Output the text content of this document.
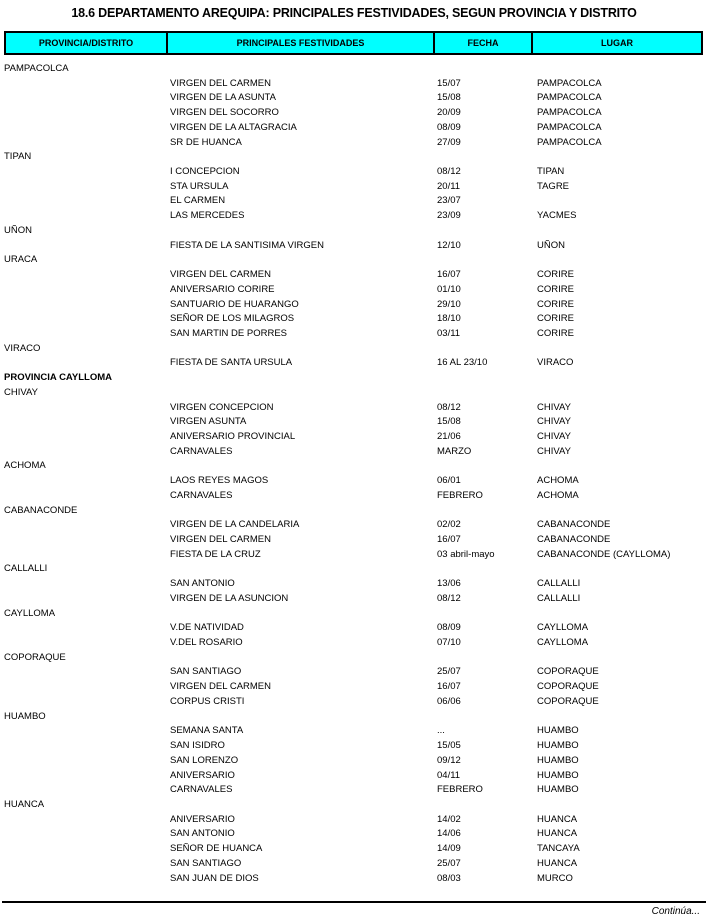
18.6 DEPARTAMENTO AREQUIPA: PRINCIPALES FESTIVIDADES, SEGUN PROVINCIA Y DISTRITO
PROVINCIA/DISTRITO	PRINCIPALES FESTIVIDADES	FECHA	LUGAR
PAMPACOLCA
VIRGEN DEL CARMEN	15/07	PAMPACOLCA
VIRGEN DE LA ASUNTA	15/08	PAMPACOLCA
VIRGEN DEL SOCORRO	20/09	PAMPACOLCA
VIRGEN DE LA ALTAGRACIA	08/09	PAMPACOLCA
SR DE HUANCA	27/09	PAMPACOLCA
TIPAN
I CONCEPCION	08/12	TIPAN
STA URSULA	20/11	TAGRE
EL CARMEN	23/07
LAS MERCEDES	23/09	YACMES
UÑON
FIESTA DE LA SANTISIMA VIRGEN	12/10	UÑON
URACA
VIRGEN DEL CARMEN	16/07	CORIRE
ANIVERSARIO CORIRE	01/10	CORIRE
SANTUARIO DE HUARANGO	29/10	CORIRE
SEÑOR DE LOS MILAGROS	18/10	CORIRE
SAN MARTIN DE PORRES	03/11	CORIRE
VIRACO
FIESTA DE SANTA URSULA	16 AL 23/10	VIRACO
PROVINCIA CAYLLOMA
CHIVAY
VIRGEN CONCEPCION	08/12	CHIVAY
VIRGEN ASUNTA	15/08	CHIVAY
ANIVERSARIO PROVINCIAL	21/06	CHIVAY
CARNAVALES	MARZO	CHIVAY
ACHOMA
LAOS REYES MAGOS	06/01	ACHOMA
CARNAVALES	FEBRERO	ACHOMA
CABANACONDE
VIRGEN DE LA CANDELARIA	02/02	CABANACONDE
VIRGEN DEL CARMEN	16/07	CABANACONDE
FIESTA DE LA CRUZ	03 abril-mayo	CABANACONDE (CAYLLOMA)
CALLALLI
SAN ANTONIO	13/06	CALLALLI
VIRGEN DE LA ASUNCION	08/12	CALLALLI
CAYLLOMA
V.DE NATIVIDAD	08/09	CAYLLOMA
V.DEL ROSARIO	07/10	CAYLLOMA
COPORAQUE
SAN SANTIAGO	25/07	COPORAQUE
VIRGEN DEL CARMEN	16/07	COPORAQUE
CORPUS CRISTI	06/06	COPORAQUE
HUAMBO
SEMANA SANTA	...	HUAMBO
SAN ISIDRO	15/05	HUAMBO
SAN LORENZO	09/12	HUAMBO
ANIVERSARIO	04/11	HUAMBO
CARNAVALES	FEBRERO	HUAMBO
HUANCA
ANIVERSARIO	14/02	HUANCA
SAN ANTONIO	14/06	HUANCA
SEÑOR DE HUANCA	14/09	TANCAYA
SAN SANTIAGO	25/07	HUANCA
SAN JUAN DE DIOS	08/03	MURCO
Continúa...
